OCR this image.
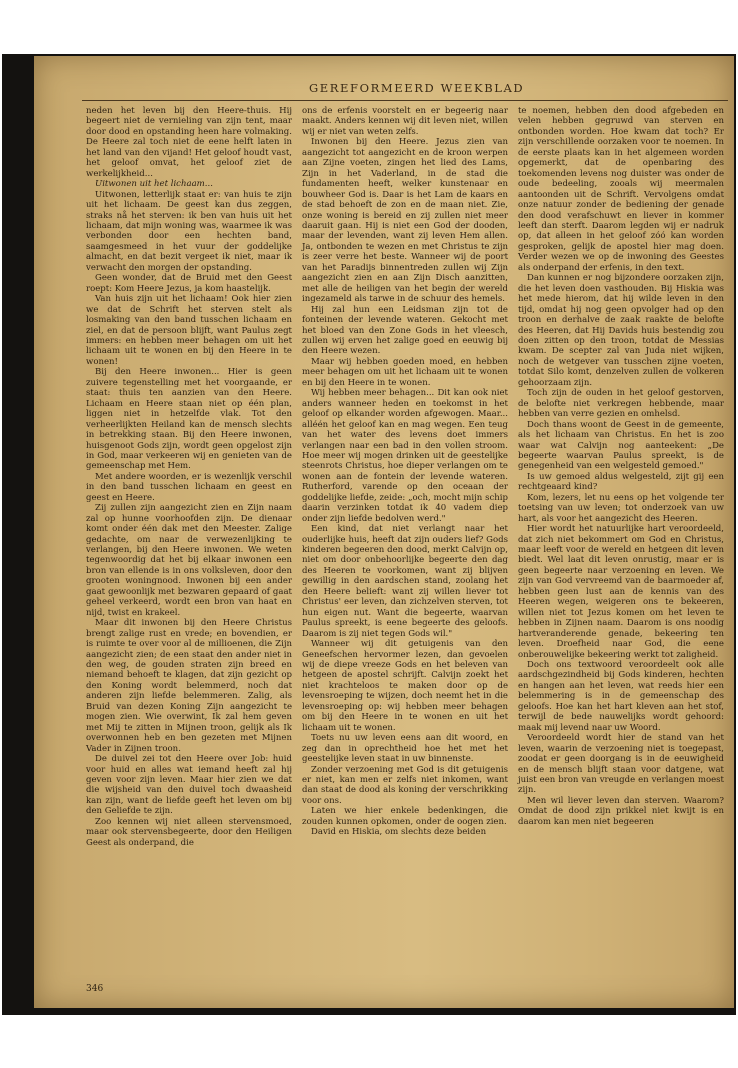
GEREFORMEERD WEEKBLAD

neden het leven bij den Heere-thuis. Hij begeert niet de vernieling van zijn tent, maar door dood en opstanding heen hare volmaking. De Heere zal toch niet de eene helft laten in het land van den vijand! Het geloof houdt vast, het geloof omvat, het geloof ziet de werkelijkheid...

Uitwonen uit het lichaam...

Uitwonen, letterlijk staat er: van huis te zijn uit het lichaam. De geest kan dus zeggen, straks nå het sterven: ik ben van huis uit het lichaam, dat mijn woning was, waarmee ik was verbonden door een hechten band, saamgesmeed in het vuur der goddelijke almacht, en dat bezit vergeet ik niet, maar ik verwacht den morgen der opstanding.

Geen wonder, dat de Bruid met den Geest roept: Kom Heere Jezus, ja kom haastelijk.

Van huis zijn uit het lichaam! Ook hier zien we dat de Schrift het sterven stelt als losmaking van den band tusschen lichaam en ziel, en dat de persoon blijft, want Paulus zegt immers: en hebben meer behagen om uit het lichaam uit te wonen en bij den Heere in te wonen!

Bij den Heere inwonen... Hier is geen zuivere tegenstelling met het voorgaande, er staat: thuis ten aanzien van den Heere. Lichaam en Heere staan niet op één plan, liggen niet in hetzelfde vlak. Tot den verheerlijkten Heiland kan de mensch slechts in betrekking staan. Bij den Heere inwonen, huisgenoot Gods zijn, wordt geen opgelost zijn in God, maar verkeeren wij en genieten van de gemeenschap met Hem.

Met andere woorden, er is wezenlijk verschil in den band tusschen lichaam en geest en geest en Heere.

Zij zullen zijn aangezicht zien en Zijn naam zal op hunne voorhoofden zijn. De dienaar komt onder één dak met den Meester. Zalige gedachte, om naar de verwezenlijking te verlangen, bij den Heere inwonen. We weten tegenwoordig dat het bij elkaar inwonen een bron van ellende is in ons volksleven, door den grooten woningnood. Inwonen bij een ander gaat gewoonlijk met bezwaren gepaard of gaat geheel verkeerd, wordt een bron van haat en nijd, twist en krakeel.

Maar dit inwonen bij den Heere Christus brengt zalige rust en vrede; en bovendien, er is ruimte te over voor al de millioenen, die Zijn aangezicht zien; de een staat den ander niet in den weg, de gouden straten zijn breed en niemand behoeft te klagen, dat zijn gezicht op den Koning wordt belemmerd, noch dat anderen zijn liefde belemmeren. Zalig, als Bruid van dezen Koning Zijn aangezicht te mogen zien. Wie overwint, Ik zal hem geven met Mij te zitten in Mijnen troon, gelijk als Ik overwonnen heb en ben gezeten met Mijnen Vader in Zijnen troon.

De duivel zei tot den Heere over Job: huid voor huid en alles wat iemand heeft zal hij geven voor zijn leven. Maar hier zien we dat die wijsheid van den duivel toch dwaasheid kan zijn, want de liefde geeft het leven om bij den Geliefde te zijn.

Zoo kennen wij niet alleen stervensmoed, maar ook stervensbegeerte, door den Heiligen Geest als onderpand, die

ons de erfenis voorstelt en er begeerig naar maakt. Anders kennen wij dit leven niet, willen wij er niet van weten zelfs.

Inwonen bij den Heere. Jezus zien van aangezicht tot aangezicht en de kroon werpen aan Zijne voeten, zingen het lied des Lams, Zijn in het Vaderland, in de stad die fundamenten heeft, welker kunstenaar en bouwheer God is. Daar is het Lam de kaars en de stad behoeft de zon en de maan niet. Zie, onze woning is bereid en zij zullen niet meer daaruit gaan. Hij is niet een God der dooden, maar der levenden, want zij leven Hem allen. Ja, ontbonden te wezen en met Christus te zijn is zeer verre het beste. Wanneer wij de poort van het Paradijs binnentreden zullen wij Zijn aangezicht zien en aan Zijn Disch aanzitten, met alle de heiligen van het begin der wereld ingezameld als tarwe in de schuur des hemels.

Hij zal hun een Leidsman zijn tot de fonteinen der levende wateren. Gekocht met het bloed van den Zone Gods in het vleesch, zullen wij erven het zalige goed en eeuwig bij den Heere wezen.

Maar wij hebben goeden moed, en hebben meer behagen om uit het lichaam uit te wonen en bij den Heere in te wonen.

Wij hebben meer behagen... Dit kan ook niet anders wanneer heden en toekomst in het geloof op elkander worden afgewogen. Maar... alléén het geloof kan en mag wegen. Een teug van het water des levens doet immers verlangen naar een bad in den vollen stroom. Hoe meer wij mogen drinken uit de geestelijke steenrots Christus, hoe dieper verlangen om te wonen aan de fontein der levende wateren. Rutherford, varende op den oceaan der goddelijke liefde, zeide: „och, mocht mijn schip daarin verzinken totdat ik 40 vadem diep onder zijn liefde bedolven werd."

Een kind, dat niet verlangt naar het ouderlijke huis, heeft dat zijn ouders lief? Gods kinderen begeeren den dood, merkt Calvijn op, niet om door onbehoorlijke begeerte den dag des Heeren te voorkomen, want zij blijven gewillig in den aardschen stand, zoolang het den Heere belieft: want zij willen liever tot Christus' eer leven, dan zichzelven sterven, tot hun eigen nut. Want die begeerte, waarvan Paulus spreekt, is eene begeerte des geloofs. Daarom is zij niet tegen Gods wil."

Wanneer wij dit getuigenis van den Geneefschen hervormer lezen, dan gevoelen wij de diepe vreeze Gods en het beleven van hetgeen de apostel schrijft. Calvijn zoekt het niet krachteloos te maken door op de levensroeping te wijzen, doch neemt het in die levensroeping op: wij hebben meer behagen om bij den Heere in te wonen en uit het lichaam uit te wonen.

Toets nu uw leven eens aan dit woord, en zeg dan in oprechtheid hoe het met het geestelijke leven staat in uw binnenste.

Zonder verzoening met God is dit getuigenis er niet, kan men er zelfs niet inkomen, want dan staat de dood als koning der verschrikking voor ons.

Laten we hier enkele bedenkingen, die zouden kunnen opkomen, onder de oogen zien.

David en Hiskia, om slechts deze beiden

te noemen, hebben den dood afgebeden en velen hebben gegruwd van sterven en ontbonden worden. Hoe kwam dat toch? Er zijn verschillende oorzaken voor te noemen. In de eerste plaats kan in het algemeen worden opgemerkt, dat de openbaring des toekomenden levens nog duister was onder de oude bedeeling, zooals wij meermalen aantoonden uit de Schrift. Vervolgens omdat onze natuur zonder de bediening der genade den dood verafschuwt en liever in kommer leeft dan sterft. Daarom legden wij er nadruk op, dat alleen in het geloof zóó kan worden gesproken, gelijk de apostel hier mag doen. Verder wezen we op de inwoning des Geestes als onderpand der erfenis, in den text.

Dan kunnen er nog bijzondere oorzaken zijn, die het leven doen vasthouden. Bij Hiskia was het mede hierom, dat hij wilde leven in den tijd, omdat hij nog geen opvolger had op den troon en derhalve de zaak raakte de belofte des Heeren, dat Hij Davids huis bestendig zou doen zitten op den troon, totdat de Messias kwam. De scepter zal van Juda niet wijken, noch de wetgever van tusschen zijne voeten, totdat Silo komt, denzelven zullen de volkeren gehoorzaam zijn.

Toch zijn de ouden in het geloof gestorven, de belofte niet verkregen hebbende, maar hebben van verre gezien en omhelsd.

Doch thans woont de Geest in de gemeente, als het lichaam van Christus. En het is zoo waar wat Calvijn nog aanteekent: „De begeerte waarvan Paulus spreekt, is de genegenheid van een welgesteld gemoed."

Is uw gemoed aldus welgesteld, zijt gij een rechtgeaard kind?

Kom, lezers, let nu eens op het volgende ter toetsing van uw leven; tot onderzoek van uw hart, als voor het aangezicht des Heeren.

Hier wordt het natuurlijke hart veroordeeld, dat zich niet bekommert om God en Christus, maar leeft voor de wereld en hetgeen dit leven biedt. Wel laat dit leven onrustig, maar er is geen begeerte naar verzoening en leven. We zijn van God vervreemd van de baarmoeder af, hebben geen lust aan de kennis van des Heeren wegen, weigeren ons te bekeeren, willen niet tot Jezus komen om het leven te hebben in Zijnen naam. Daarom is ons noodig hartveranderende genade, bekeering ten leven. Droefheid naar God, die eene onberouwelijke bekeering werkt tot zaligheid.

Doch ons textwoord veroordeelt ook alle aardschgezindheid bij Gods kinderen, hechten en hangen aan het leven, wat reeds hier een belemmering is in de gemeenschap des geloofs. Hoe kan het hart kleven aan het stof, terwijl de bede nauwelijks wordt gehoord: maak mij levend naar uw Woord.

Veroordeeld wordt hier de stand van het leven, waarin de verzoening niet is toegepast, zoodat er geen doorgang is in de eeuwigheid en de mensch blijft staan voor datgene, wat juist een bron van vreugde en verlangen moest zijn.

Men wil liever leven dan sterven. Waarom? Omdat de dood zijn prikkel niet kwijt is en daarom kan men niet begeeren

346
